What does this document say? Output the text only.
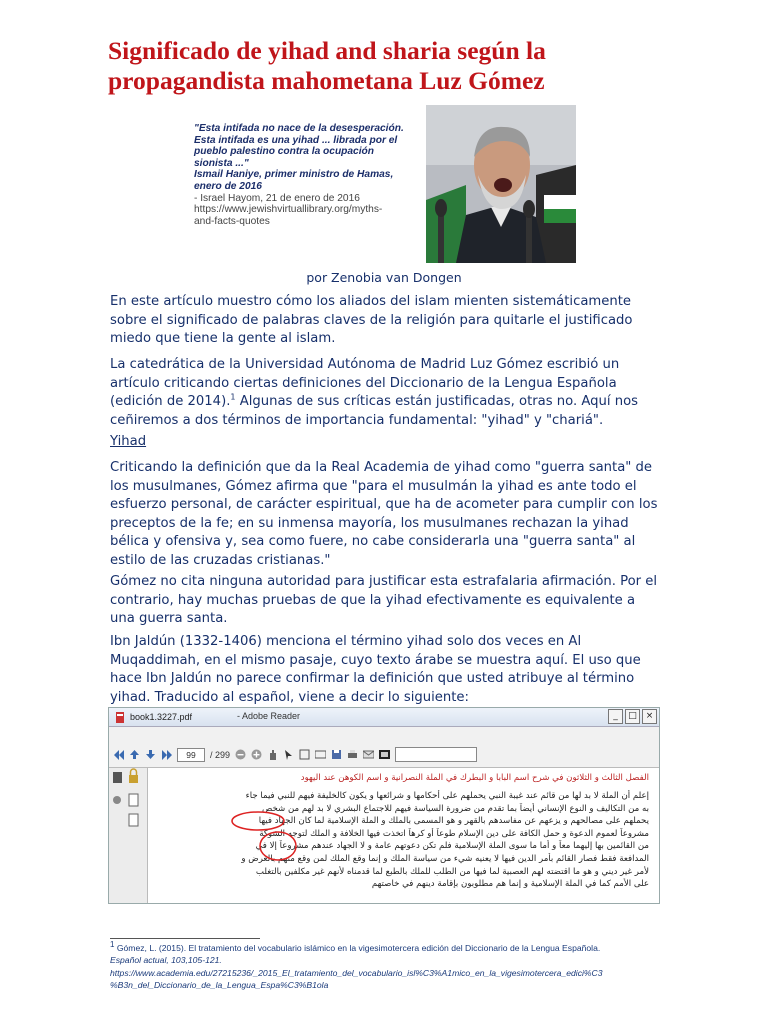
Significado de yihad and sharia según la propagandista mahometana Luz Gómez
"Esta intifada no nace de la desesperación.
Esta intifada es una yihad ... librada por el
pueblo palestino contra la ocupación
sionista ..."
Ismail Haniye, primer ministro de Hamas,
enero de 2016
- Israel Hayom, 21 de enero de 2016
https://www.jewishvirtuallibrary.org/myths-
and-facts-quotes
por Zenobia van Dongen

En este artículo muestro cómo los aliados del islam mienten sistemáticamente sobre el significado de palabras claves de la religión para quitarle el justificado miedo que tiene la gente al islam.

La catedrática de la Universidad Autónoma de Madrid Luz Gómez escribió un artículo criticando ciertas definiciones del Diccionario de la Lengua Española (edición de 2014).$^1$ Algunas de sus críticas están justificadas, otras no. Aquí nos ceñiremos a dos términos de importancia fundamental: "yihad" y "chariá".

Yihad

Criticando la definición que da la Real Academia de yihad como "guerra santa" de los musulmanes, Gómez afirma que "para el musulmán la yihad es ante todo el esfuerzo personal, de carácter espiritual, que ha de acometer para cumplir con los preceptos de la fe; en su inmensa mayoría, los musulmanes rechazan la yihad bélica y ofensiva y, sea como fuere, no cabe considerarla una "guerra santa" al estilo de las cruzadas cristianas."

Gómez no cita ninguna autoridad para justificar esta estrafalaria afirmación. Por el contrario, hay muchas pruebas de que la yihad efectivamente es equivalente a una guerra santa.

Ibn Jaldún (1332-1406) menciona el término yihad solo dos veces en Al Muqaddimah, en el mismo pasaje, cuyo texto árabe se muestra aquí. El uso que hace Ibn Jaldún no parece confirmar la definición que usted atribuye al término yihad. Traducido al español, viene a decir lo siguiente:

book1.3227.pdf	- Adobe Reader	_	□ ×
99	/ 299
الفصل الثالث و الثلاثون في شرح اسم البابا و البطرك في الملة النصرانية و اسم الكوهن عند اليهود
إعلم أن الملة لا بد لها من قائم عند غيبة النبي يحملهم على أحكامها و شرائعها و يكون كالخليفة فيهم للنبي فيما جاء
به من التكاليف و النوع الإنساني أيضاً بما تقدم من ضرورة السياسة فيهم للاجتماع البشري لا بد لهم من شخص
يحملهم على مصالحهم و يزعهم عن مفاسدهم بالقهر و هو المسمى بالملك و الملة الإسلامية لما كان الجهاد فيها
مشروعاً لعموم الدعوة و حمل الكافة على دين الإسلام طوعاً أو كرهاً اتخذت فيها الخلافة و الملك لتوجه الشوكة
من القائمين بها إليهما معاً و أما ما سوى الملة الإسلامية فلم تكن دعوتهم عامة و لا الجهاد عندهم مشروعاً إلا في
المدافعة فقط فصار القائم بأمر الدين فيها لا يعنيه شيء من سياسة الملك و إنما وقع الملك لمن وقع منهم بالعرض و
لأمر غير ديني و هو ما اقتضته لهم العصبية لما فيها من الطلب للملك بالطبع لما قدمناه لأنهم غير مكلفين بالتغلب
على الأمم كما في الملة الإسلامية و إنما هم مطلوبون بإقامة دينهم في خاصتهم
$^1$ Gómez, L. (2015). El tratamiento del vocabulario islámico en la vigesimotercera edición del Diccionario de la Lengua Española.
Español actual, 103,105-121.
https://www.academia.edu/27215236/_2015_El_tratamiento_del_vocabulario_isl%C3%A1mico_en_la_vigesimotercera_edici%C3
%B3n_del_Diccionario_de_la_Lengua_Espa%C3%B1ola
